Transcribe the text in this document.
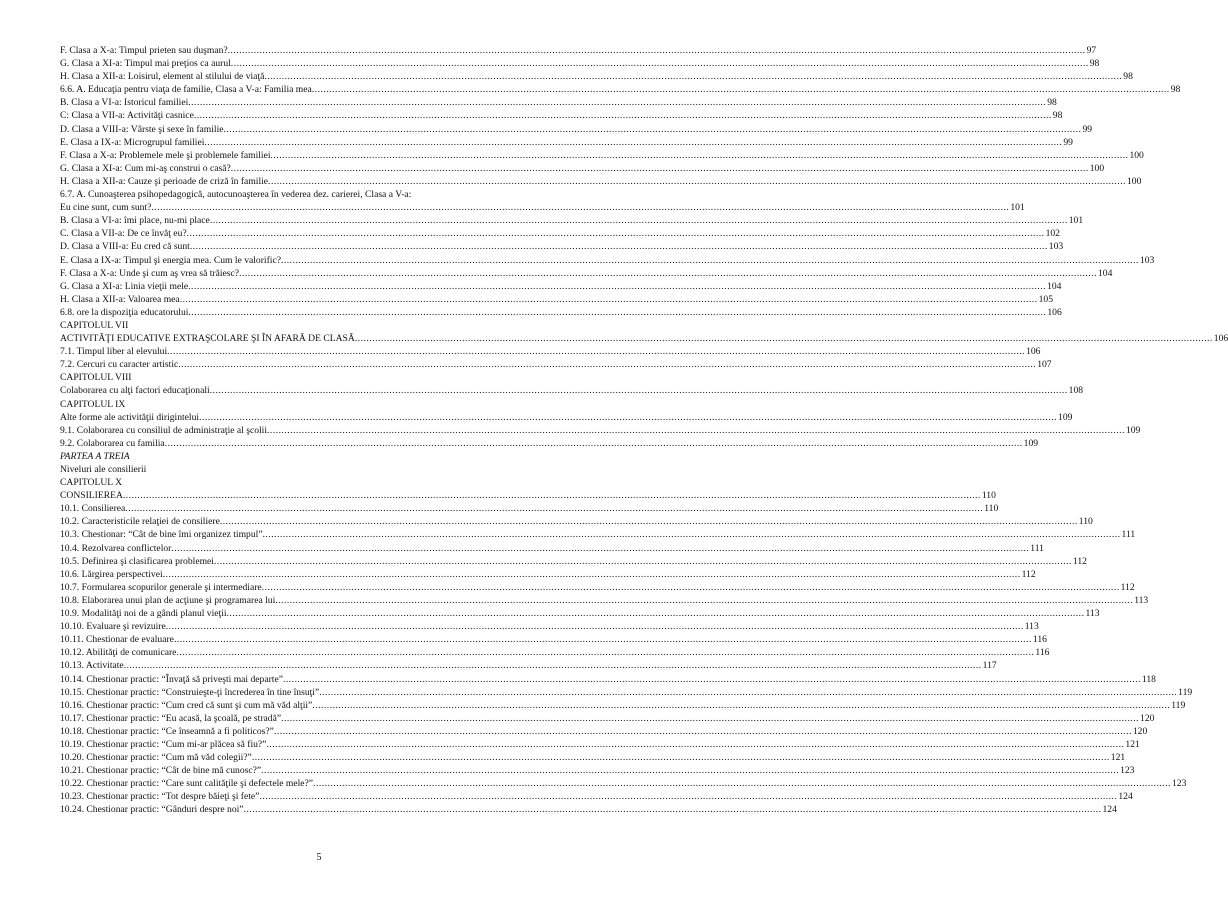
F. Clasa a X-a: Timpul prieten sau duşman? .....	97
G. Clasa a XI-a: Timpul mai preţios ca aurul .....	98
H. Clasa a XII-a: Loisirul, element al stilului de viaţă .....	98
6.6. A. Educaţia pentru viaţa de familie, Clasa a V-a: Familia mea .....	98
B. Clasa a VI-a: Istoricul familiei .....	98
C: Clasa a VII-a: Activităţi casnice .....	98
D. Clasa a VIII-a: Vârste şi sexe în familie .....	99
E. Clasa a IX-a: Microgrupul familiei .....	99
F. Clasa a X-a: Problemele mele şi problemele familiei .....	100
G. Clasa a XI-a: Cum mi-aş construi o casă? .....	100
H. Clasa a XII-a: Cauze şi perioade de criză în familie .....	100
6.7. A. Cunoaşterea psihopedagogică, autocunoaşterea în vederea dez. carierei, Clasa a V-a:
Eu cine sunt, cum sunt? .....	101
B. Clasa a VI-a: îmi place, nu-mi place .....	101
C. Clasa a VII-a: De ce învăţ eu? .....	102
D. Clasa a VIII-a: Eu cred că sunt .....	103
E. Clasa a IX-a: Timpul şi energia mea. Cum le valorific? .....	103
F. Clasa a X-a: Unde şi cum aş vrea să trăiesc? .....	104
G. Clasa a XI-a: Linia vieţii mele .....	104
H. Clasa a XII-a: Valoarea mea .....	105
6.8. ore la dispoziţia educatorului .....	106
CAPITOLUL VII
ACTIVITĂŢI EDUCATIVE EXTRAŞCOLARE ŞI ÎN AFARĂ DE CLASĂ .....	106
7.1. Timpul liber al elevului .....	106
7.2. Cercuri cu caracter artistic .....	107
CAPITOLUL VIII
Colaborarea cu alţi factori educaţionali .....	108
CAPITOLUL IX
Alte forme ale activităţii dirigintelui .....	109
9.1. Colaborarea cu consiliul de administraţie al şcolii .....	109
9.2. Colaborarea cu familia .....	109
PARTEA A TREIA
Niveluri ale consilierii
CAPITOLUL X
CONSILIEREA .....	110
10.1. Consilierea .....	110
10.2. Caracteristicile relaţiei de consiliere .....	110
10.3. Chestionar: “Cât de bine îmi organizez timpul” .....	111
10.4. Rezolvarea conflictelor .....	111
10.5. Definirea şi clasificarea problemei .....	112
10.6. Lărgirea perspectivei .....	112
10.7. Formularea scopurilor generale şi intermediare .....	112
10.8. Elaborarea unui plan de acţiune şi programarea lui .....	113
10.9. Modalităţi noi de a gândi planul vieţii .....	113
10.10. Evaluare şi revizuire .....	113
10.11. Chestionar de evaluare .....	116
10.12. Abilităţi de comunicare .....	116
10.13. Activitate .....	117
10.14. Chestionar practic: “Învaţă să priveşti mai departe” .....	118
10.15. Chestionar practic: “Construieşte-ţi încrederea în tine însuţi” .....	119
10.16. Chestionar practic: “Cum cred că sunt şi cum mă văd alţii” .....	119
10.17. Chestionar practic: “Eu acasă, la şcoală, pe stradă” .....	120
10.18. Chestionar practic: “Ce înseamnă a fi politicos?” .....	120
10.19. Chestionar practic: “Cum mi-ar plăcea să fiu?” .....	121
10.20. Chestionar practic: “Cum mă văd colegii?” .....	121
10.21. Chestionar practic: “Cât de bine mă cunosc?” .....	123
10.22. Chestionar practic: “Care sunt calităţile şi defectele mele?” .....	123
10.23. Chestionar practic: “Tot despre băieţi şi fete” .....	124
10.24. Chestionar practic: “Gânduri despre noi” .....	124
5
